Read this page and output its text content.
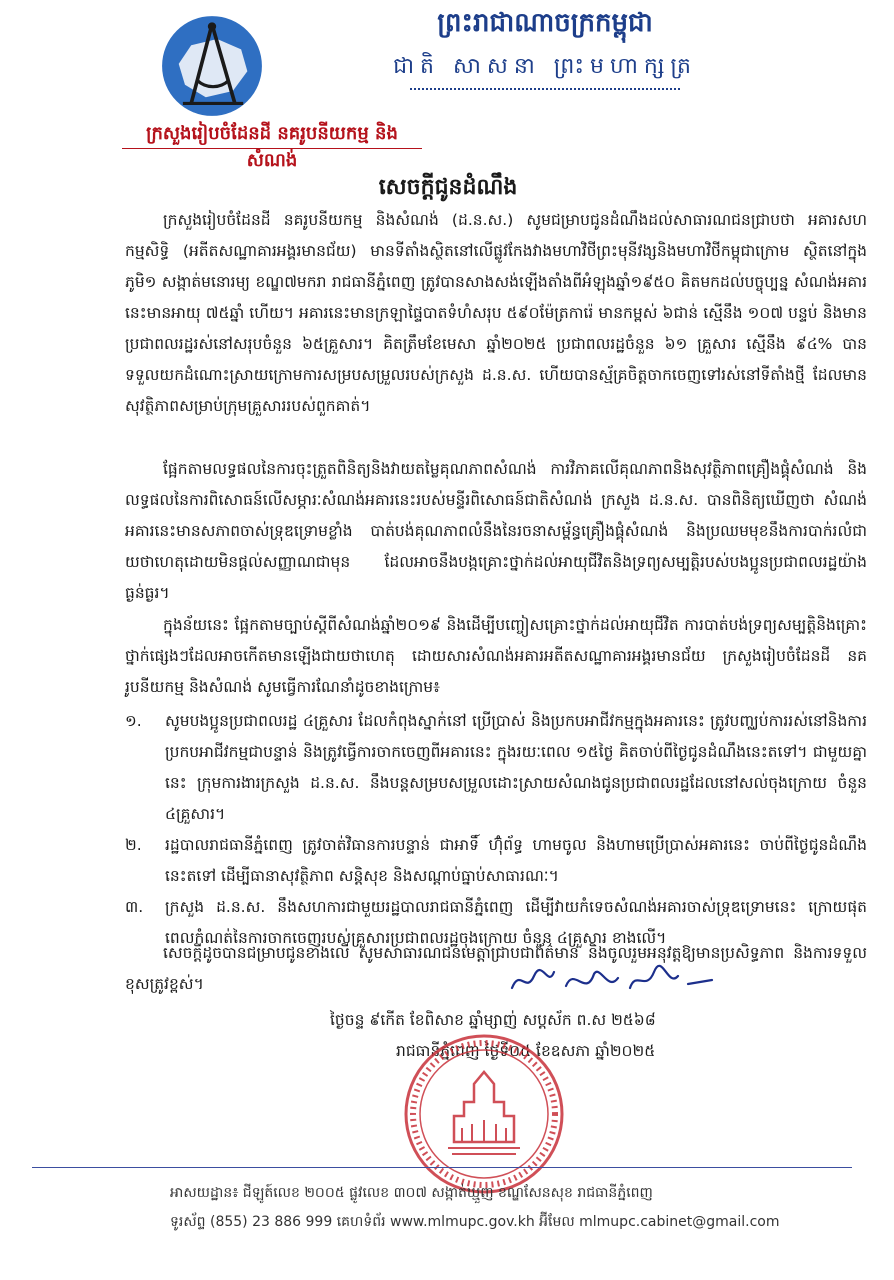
ព្រះរាជាណាចក្រកម្ពុជា
ជាតិ សាសនា ព្រះមហាក្សត្រ
ក្រសួងរៀបចំដែនដី នគរូបនីយកម្ម និងសំណង់
សេចក្តីជូនដំណឹង
ក្រសួងរៀបចំដែនដី នគរូបនីយកម្ម និងសំណង់ (ដ.ន.ស.) សូមជម្រាបជូនដំណឹងដល់សាធារណជនជ្រាបថា អគារសហកម្មសិទ្ធិ (អតីតសណ្ឋាគារអង្គរមានជ័យ) មានទីតាំងស្ថិតនៅលើផ្លូវកែងវាងមហាវិថីព្រះមុនីវង្សនិងមហាវិថីកម្ពុជាក្រោម ស្ថិតនៅក្នុងភូមិ១ សង្កាត់មនោរម្យ ខណ្ឌ៧មករា រាជធានីភ្នំពេញ ត្រូវបានសាងសង់ឡើងតាំងពីអំឡុងឆ្នាំ១៩៥០ គិតមកដល់បច្ចុប្បន្ន សំណង់អគារនេះមានអាយុ ៧៥ឆ្នាំ ហើយ។ អគារនេះមានក្រឡាផ្ទៃបាតទំហំសរុប ៥៩០ម៉ែត្រការ៉េ មានកម្ពស់ ៦ជាន់ ស្មើនឹង ១០៧ បន្ទប់ និងមានប្រជាពលរដ្ឋរស់នៅសរុបចំនួន ៦៥គ្រួសារ។ គិតត្រឹមខែមេសា ឆ្នាំ២០២៥ ប្រជាពលរដ្ឋចំនួន ៦១ គ្រួសារ ស្មើនឹង ៩៤% បានទទួលយកដំណោះស្រាយក្រោមការសម្របសម្រួលរបស់ក្រសួង ដ.ន.ស. ហើយបានស្ម័គ្រចិត្តចាកចេញទៅរស់នៅទីតាំងថ្មី ដែលមានសុវត្ថិភាពសម្រាប់ក្រុមគ្រួសាររបស់ពួកគាត់។
ផ្អែកតាមលទ្ធផលនៃការចុះត្រួតពិនិត្យនិងវាយតម្លៃគុណភាពសំណង់ ការវិភាគលើគុណភាពនិងសុវត្ថិភាពគ្រឿងផ្គុំសំណង់ និងលទ្ធផលនៃការពិសោធន៍លើសម្ភារៈសំណង់អគារនេះរបស់មន្ទីរពិសោធន៍ជាតិសំណង់ ក្រសួង ដ.ន.ស. បានពិនិត្យឃើញថា សំណង់អគារនេះមានសភាពចាស់ទ្រុឌទ្រោមខ្លាំង បាត់បង់គុណភាពលំនឹងនៃរចនាសម្ព័ន្ធគ្រឿងផ្គុំសំណង់ និងប្រឈមមុខនឹងការបាក់រលំជាយថាហេតុដោយមិនផ្តល់សញ្ញាណជាមុន ដែលអាចនឹងបង្កគ្រោះថ្នាក់ដល់អាយុជីវិតនិងទ្រព្យសម្បត្តិរបស់បងប្អូនប្រជាពលរដ្ឋយ៉ាងធ្ងន់ធ្ងរ។
ក្នុងន័យនេះ ផ្អែកតាមច្បាប់ស្តីពីសំណង់ឆ្នាំ២០១៩ និងដើម្បីបញ្ចៀសគ្រោះថ្នាក់ដល់អាយុជីវិត ការបាត់បង់ទ្រព្យសម្បត្តិនិងគ្រោះថ្នាក់ផ្សេងៗដែលអាចកើតមានឡើងជាយថាហេតុ ដោយសារសំណង់អគារអតីតសណ្ឋាគារអង្គរមានជ័យ ក្រសួងរៀបចំដែនដី នគរូបនីយកម្ម និងសំណង់ សូមធ្វើការណែនាំដូចខាងក្រោម៖
១. សូមបងប្អូនប្រជាពលរដ្ឋ ៤គ្រួសារ ដែលកំពុងស្នាក់នៅ ប្រើប្រាស់ និងប្រកបអាជីវកម្មក្នុងអគារនេះ ត្រូវបញ្ឈប់ការរស់នៅនិងការប្រកបអាជីវកម្មជាបន្ទាន់ និងត្រូវធ្វើការចាកចេញពីអគារនេះ ក្នុងរយៈពេល ១៥ថ្ងៃ គិតចាប់ពីថ្ងៃជូនដំណឹងនេះតទៅ។ ជាមួយគ្នានេះ ក្រុមការងារក្រសួង ដ.ន.ស. នឹងបន្តសម្របសម្រួលដោះស្រាយសំណងជូនប្រជាពលរដ្ឋដែលនៅសល់ចុងក្រោយ ចំនួន ៤គ្រួសារ។
២. រដ្ឋបាលរាជធានីភ្នំពេញ ត្រូវចាត់វិធានការបន្ទាន់ ជាអាទិ៍ ហ៊ុំព័ទ្ធ ហាមចូល និងហាមប្រើប្រាស់អគារនេះ ចាប់ពីថ្ងៃជូនដំណឹងនេះតទៅ ដើម្បីធានាសុវត្ថិភាព សន្តិសុខ និងសណ្តាប់ធ្នាប់សាធារណៈ។
៣. ក្រសួង ដ.ន.ស. នឹងសហការជាមួយរដ្ឋបាលរាជធានីភ្នំពេញ ដើម្បីវាយកំទេចសំណង់អគារចាស់ទ្រុឌទ្រោមនេះ ក្រោយផុតពេលកំណត់នៃការចាកចេញរបស់គ្រួសារប្រជាពលរដ្ឋចុងក្រោយ ចំនួន ៤គ្រួសារ ខាងលើ។
សេចក្តីដូចបានជម្រាបជូនខាងលើ សូមសាធារណជនមេត្តាជ្រាបជាព័ត៌មាន និងចូលរួមអនុវត្តឱ្យមានប្រសិទ្ធភាព និងការទទួលខុសត្រូវខ្ពស់។
ថ្ងៃចន្ទ ៩កើត ខែពិសាខ ឆ្នាំម្សាញ់ សប្តស័ក ព.ស ២៥៦៨
រាជធានីភ្នំពេញ ថ្ងៃទី០៥ ខែឧសភា ឆ្នាំ២០២៥
អាសយដ្ឋាន៖ ជីឡូត៍លេខ ២០០៥ ផ្លូវលេខ ៣០៧ សង្កាត់ឃ្មួញ ខណ្ឌសែនសុខ រាជធានីភ្នំពេញ
ទូរស័ព្ទ (855) 23 886 999 គេហទំព័រ www.mlmupc.gov.kh អ៊ីមែល mlmupc.cabinet@gmail.com
